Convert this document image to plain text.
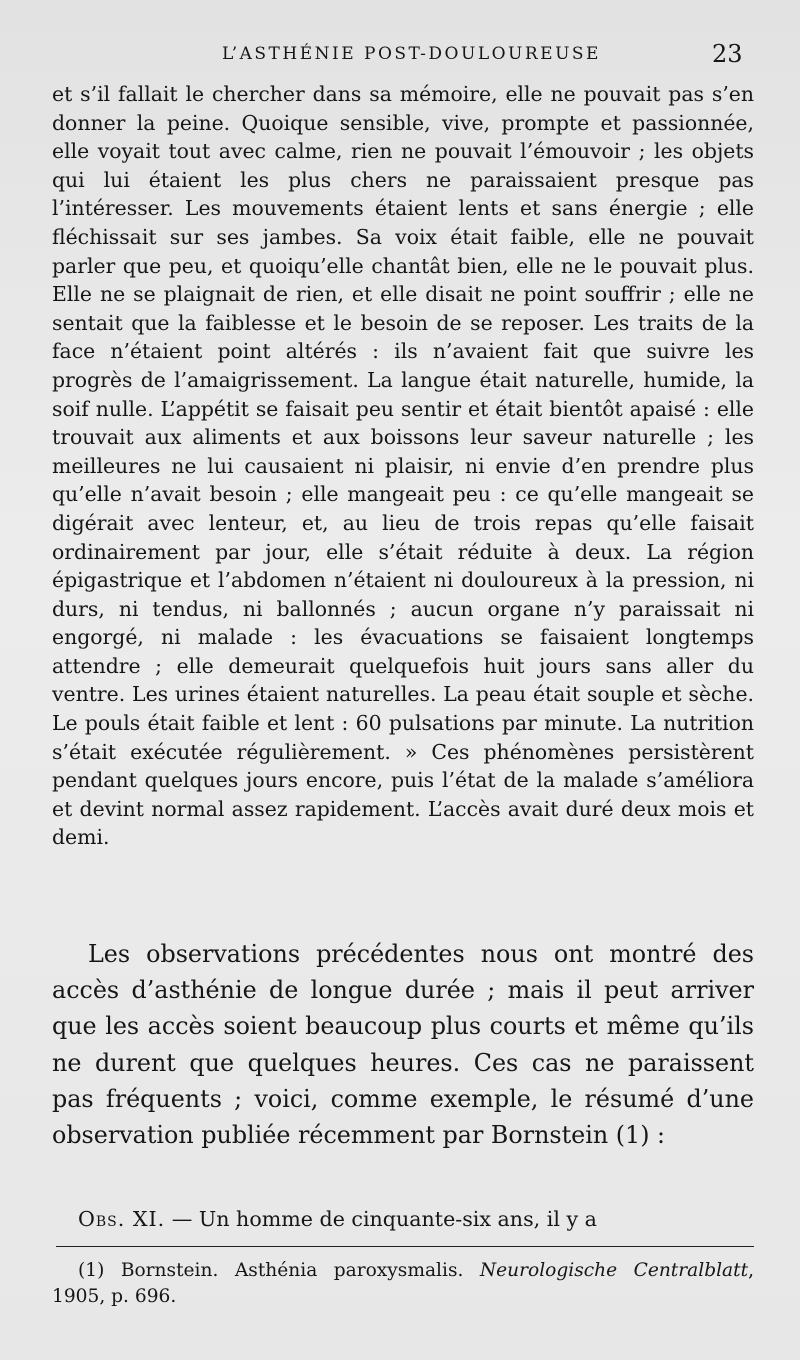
L’ASTHÉNIE POST-DOULOUREUSE	23

et s’il fallait le chercher dans sa mémoire, elle ne pouvait pas s’en donner la peine. Quoique sensible, vive, prompte et passionnée, elle voyait tout avec calme, rien ne pouvait l’émouvoir ; les objets qui lui étaient les plus chers ne paraissaient presque pas l’intéresser. Les mouvements étaient lents et sans énergie ; elle fléchissait sur ses jambes. Sa voix était faible, elle ne pouvait parler que peu, et quoiqu’elle chantât bien, elle ne le pouvait plus. Elle ne se plaignait de rien, et elle disait ne point souffrir ; elle ne sentait que la faiblesse et le besoin de se reposer. Les traits de la face n’étaient point altérés : ils n’avaient fait que suivre les progrès de l’amaigrissement. La langue était naturelle, humide, la soif nulle. L’appétit se faisait peu sentir et était bientôt apaisé : elle trouvait aux aliments et aux boissons leur saveur naturelle ; les meilleures ne lui causaient ni plaisir, ni envie d’en prendre plus qu’elle n’avait besoin ; elle mangeait peu : ce qu’elle mangeait se digérait avec lenteur, et, au lieu de trois repas qu’elle faisait ordinairement par jour, elle s’était réduite à deux. La région épigastrique et l’abdomen n’étaient ni douloureux à la pression, ni durs, ni tendus, ni ballonnés ; aucun organe n’y paraissait ni engorgé, ni malade : les évacuations se faisaient longtemps attendre ; elle demeurait quelquefois huit jours sans aller du ventre. Les urines étaient naturelles. La peau était souple et sèche. Le pouls était faible et lent : 60 pulsations par minute. La nutrition s’était exécutée régulièrement. » Ces phénomènes persistèrent pendant quelques jours encore, puis l’état de la malade s’améliora et devint normal assez rapidement. L’accès avait duré deux mois et demi.

Les observations précédentes nous ont montré des accès d’asthénie de longue durée ; mais il peut arriver que les accès soient beaucoup plus courts et même qu’ils ne durent que quelques heures. Ces cas ne paraissent pas fréquents ; voici, comme exemple, le résumé d’une observation publiée récemment par Bornstein (1) :

Obs. XI. — Un homme de cinquante-six ans, il y a
(1) Bornstein. Asthénia paroxysmalis. Neurologische Centralblatt, 1905, p. 696.
